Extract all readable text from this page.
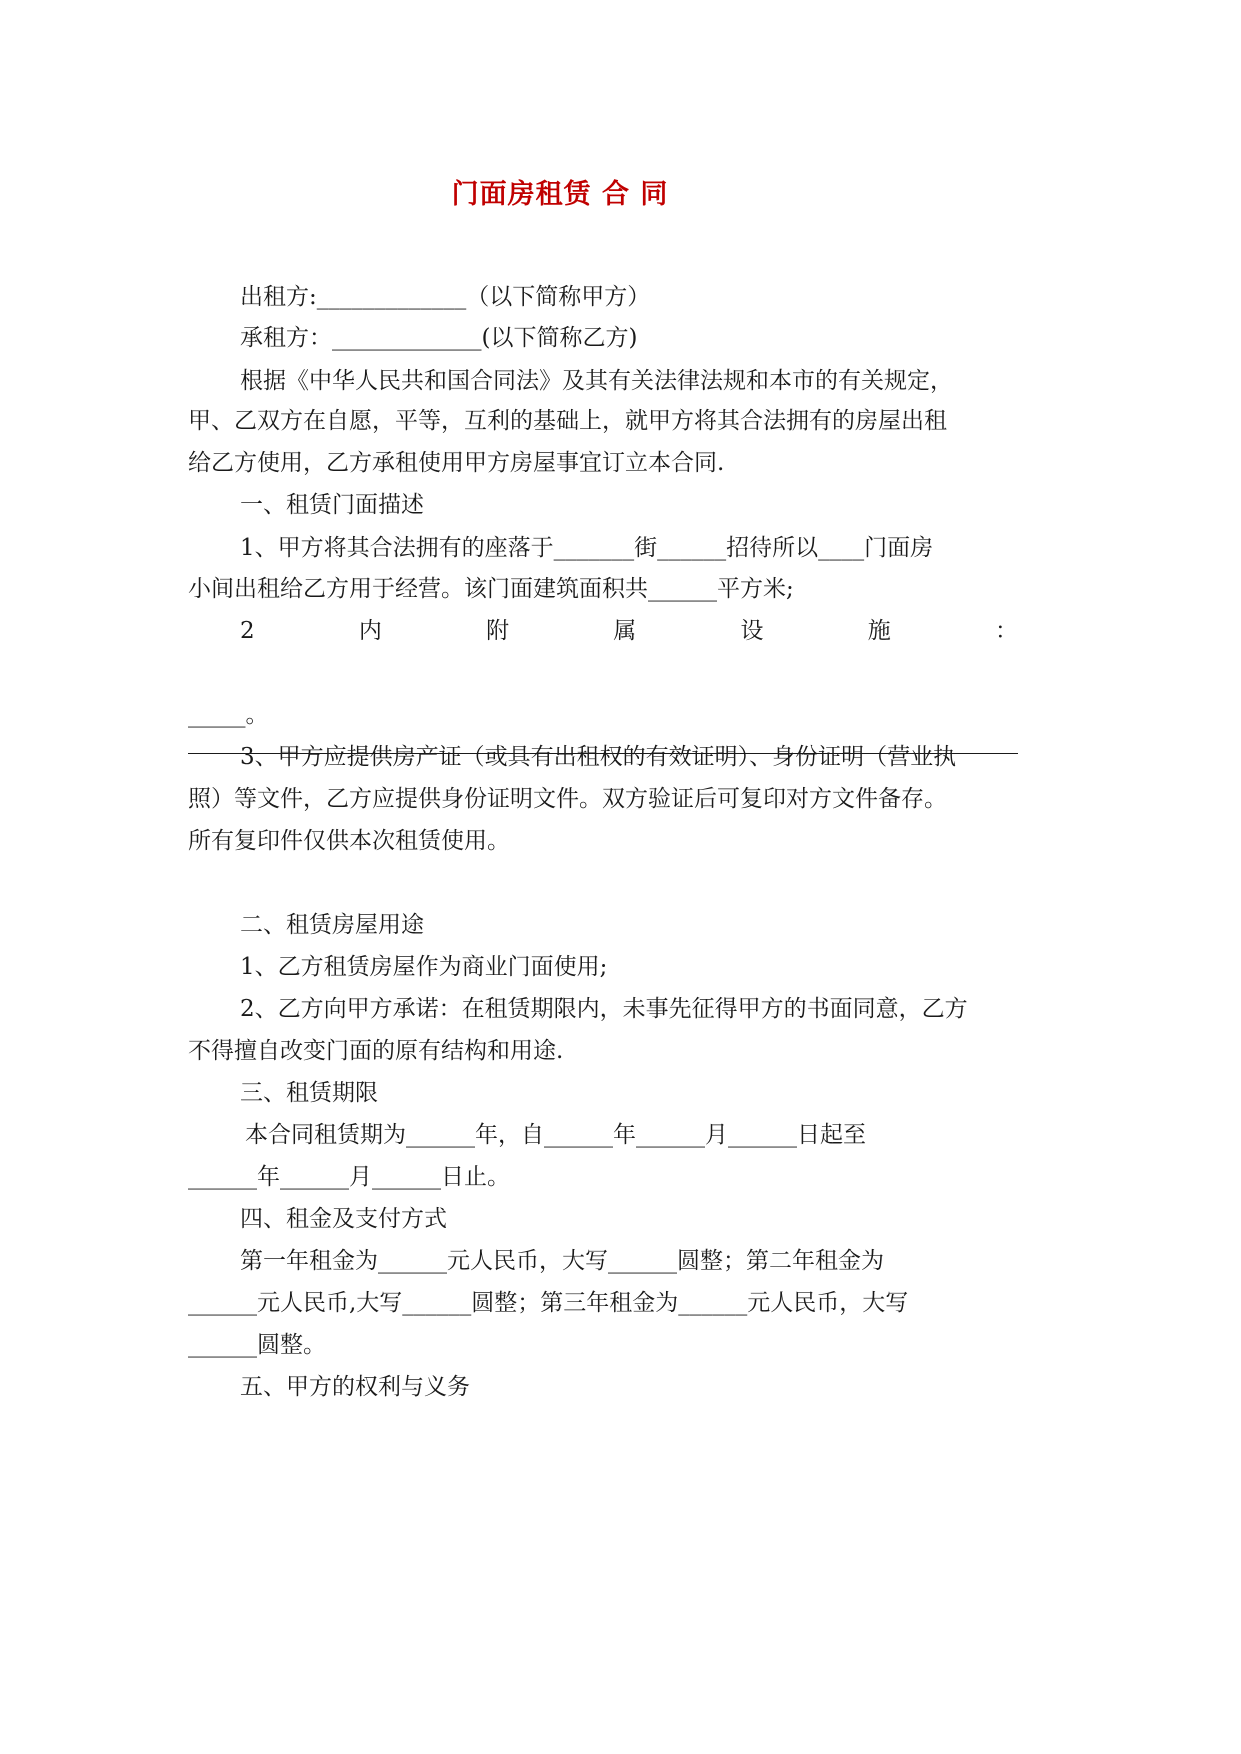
门面房租赁 合 同
出租方:_____________（以下简称甲方）
承租方：_____________(以下简称乙方)
根据《中华人民共和国合同法》及其有关法律法规和本市的有关规定，
甲、乙双方在自愿，平等，互利的基础上，就甲方将其合法拥有的房屋出租
给乙方使用，乙方承租使用甲方房屋事宜订立本合同.
一、租赁门面描述
1、甲方将其合法拥有的座落于_______街______招待所以____门面房
小间出租给乙方用于经营。该门面建筑面积共______平方米;
2	内	附	属	设	施	：
_____。
3、甲方应提供房产证（或具有出租权的有效证明）、身份证明（营业执
照）等文件，乙方应提供身份证明文件。双方验证后可复印对方文件备存。
所有复印件仅供本次租赁使用。
二、租赁房屋用途
1、乙方租赁房屋作为商业门面使用;
2、乙方向甲方承诺：在租赁期限内，未事先征得甲方的书面同意，乙方
不得擅自改变门面的原有结构和用途.
三、租赁期限
本合同租赁期为______年，自______年______月______日起至
______年______月______日止。
四、租金及支付方式
第一年租金为______元人民币，大写______圆整；第二年租金为
______元人民币,大写______圆整；第三年租金为______元人民币，大写
______圆整。
五、甲方的权利与义务
